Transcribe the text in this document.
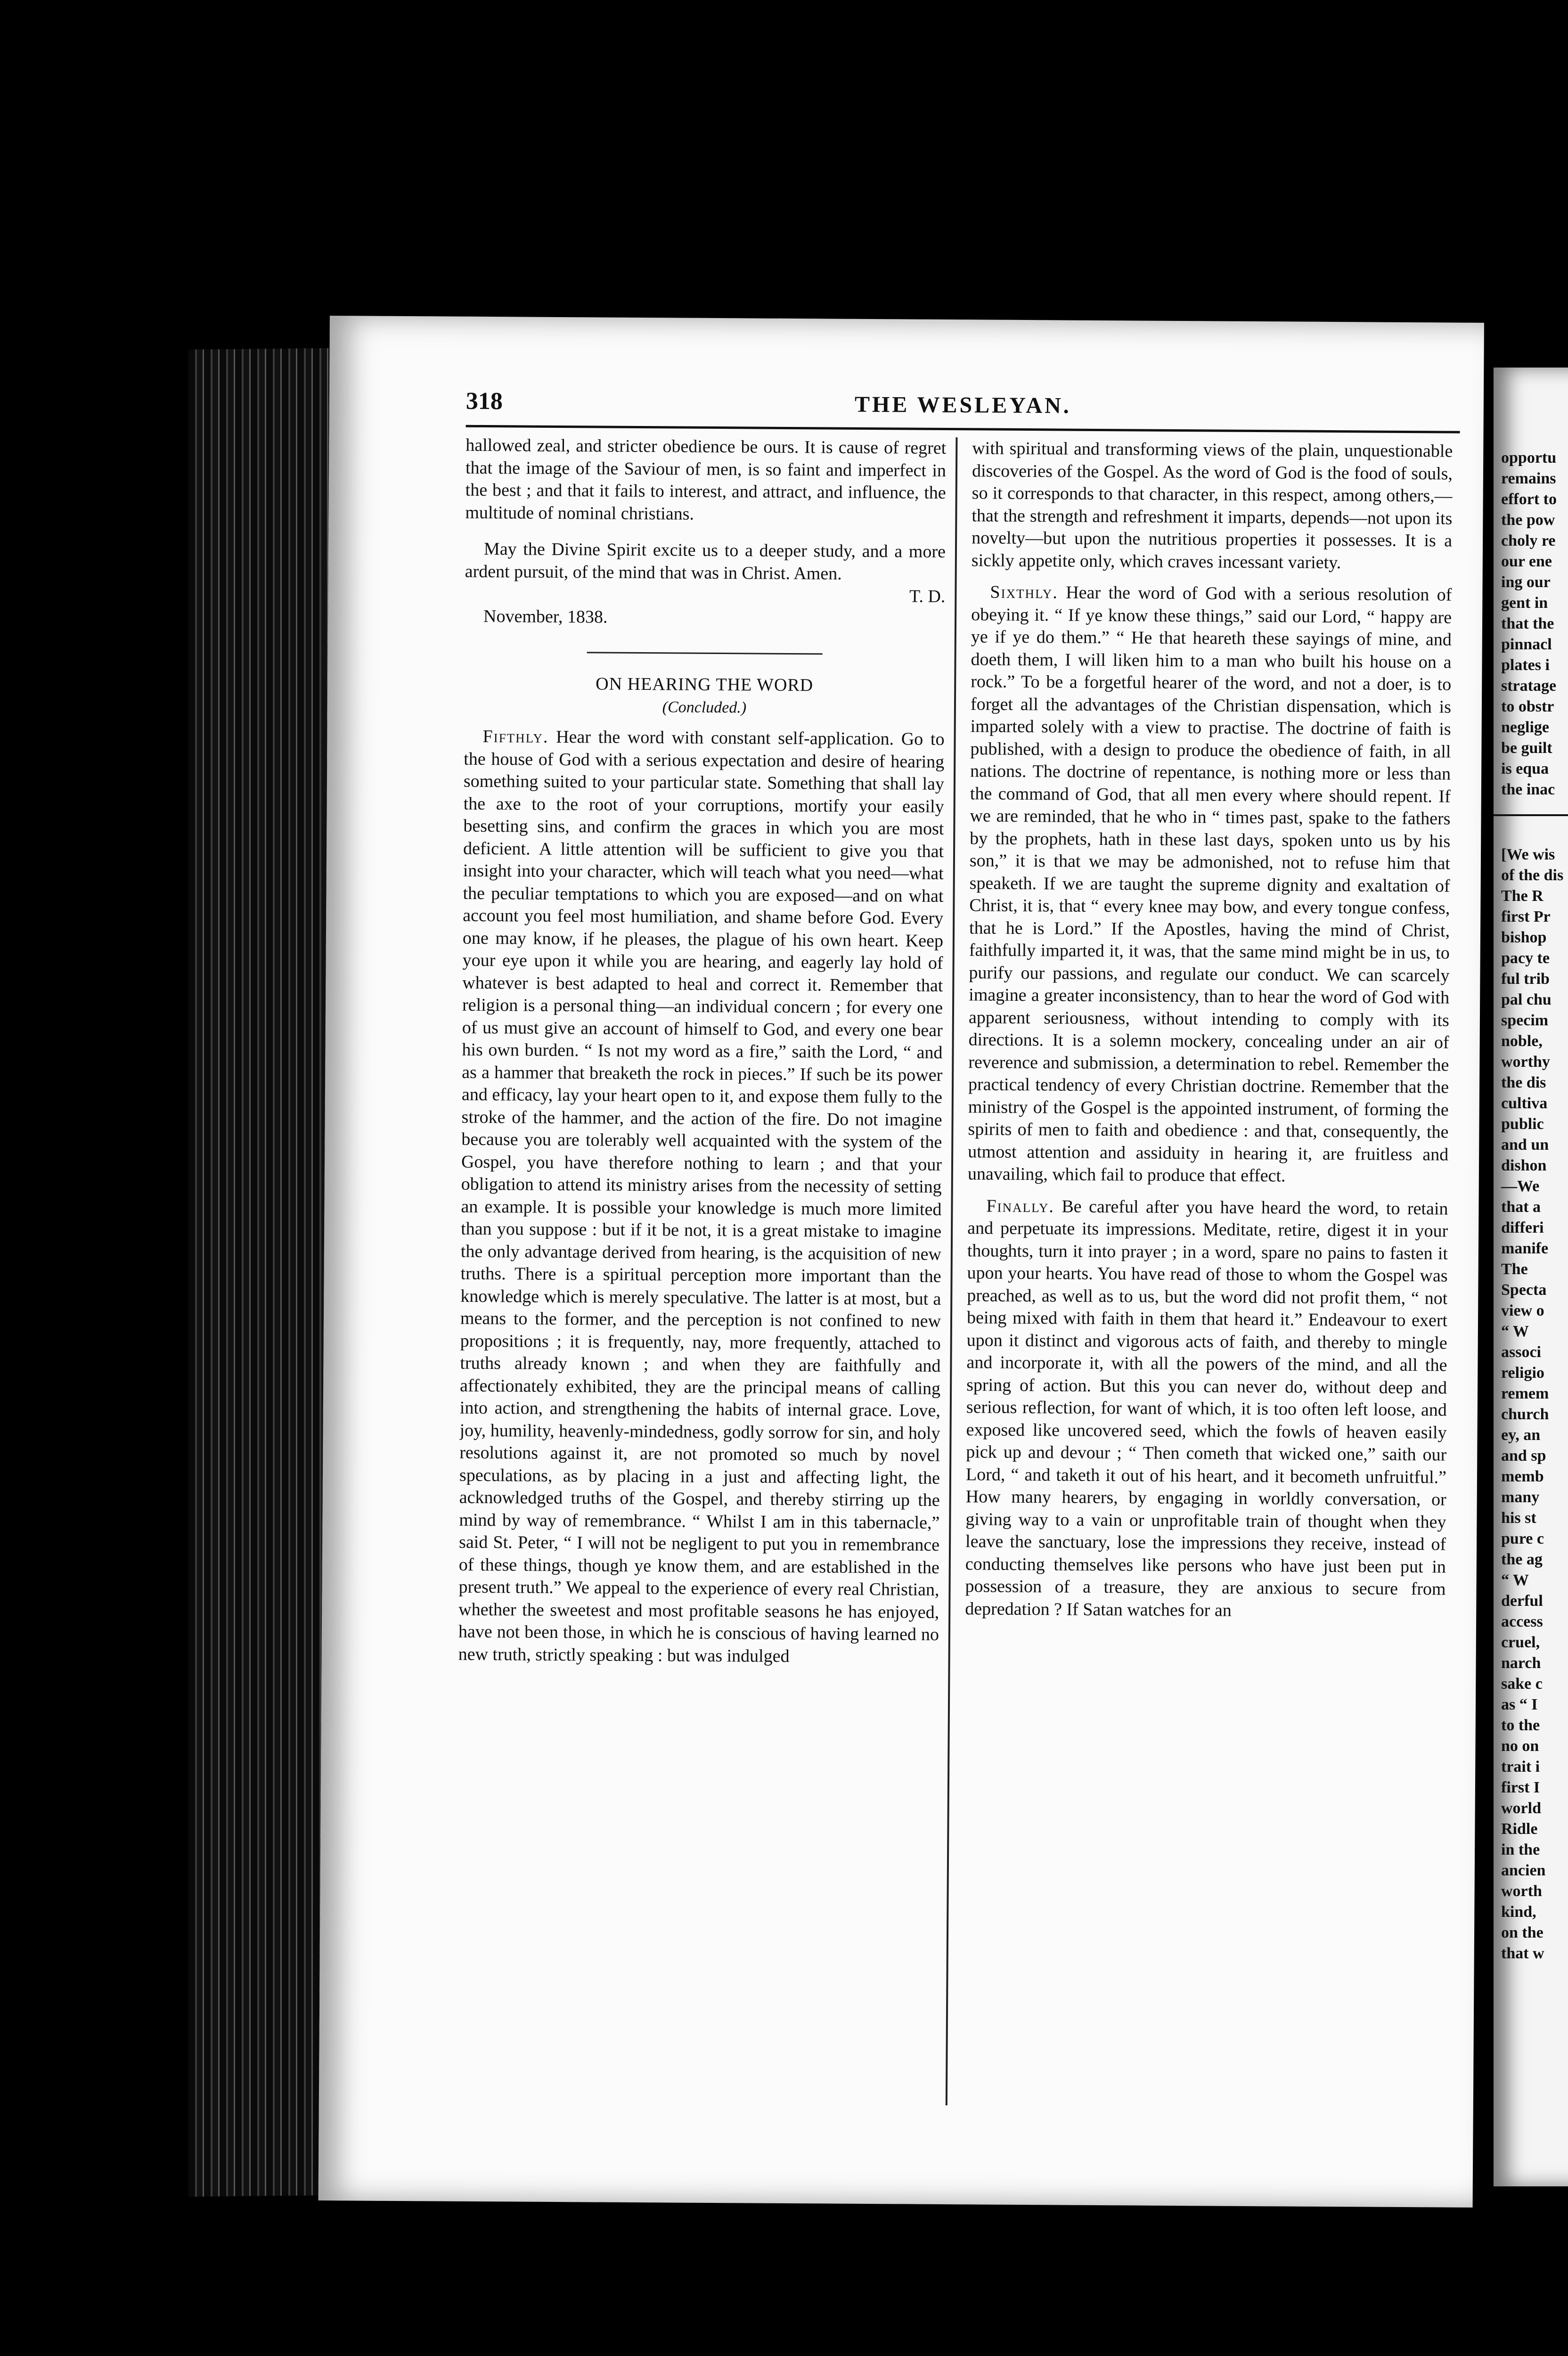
318	THE WESLEYAN.

hallowed zeal, and stricter obedience be ours. It is cause of regret that the image of the Saviour of men, is so faint and imperfect in the best ; and that it fails to interest, and attract, and influence, the multitude of nominal christians.

May the Divine Spirit excite us to a deeper study, and a more ardent pursuit, of the mind that was in Christ. Amen.

T. D.

November, 1838.

ON HEARING THE WORD
(Concluded.)

Fifthly. Hear the word with constant self-application. Go to the house of God with a serious expectation and desire of hearing something suited to your particular state. Something that shall lay the axe to the root of your corruptions, mortify your easily besetting sins, and confirm the graces in which you are most deficient. A little attention will be sufficient to give you that insight into your character, which will teach what you need—what the peculiar temptations to which you are exposed—and on what account you feel most humiliation, and shame before God. Every one may know, if he pleases, the plague of his own heart. Keep your eye upon it while you are hearing, and eagerly lay hold of whatever is best adapted to heal and correct it. Remember that religion is a personal thing—an individual concern ; for every one of us must give an account of himself to God, and every one bear his own burden. “ Is not my word as a fire,” saith the Lord, “ and as a hammer that breaketh the rock in pieces.” If such be its power and efficacy, lay your heart open to it, and expose them fully to the stroke of the hammer, and the action of the fire. Do not imagine because you are tolerably well acquainted with the system of the Gospel, you have therefore nothing to learn ; and that your obligation to attend its ministry arises from the necessity of setting an example. It is possible your knowledge is much more limited than you suppose : but if it be not, it is a great mistake to imagine the only advantage derived from hearing, is the acquisition of new truths. There is a spiritual perception more important than the knowledge which is merely speculative. The latter is at most, but a means to the former, and the perception is not confined to new propositions ; it is frequently, nay, more frequently, attached to truths already known ; and when they are faithfully and affectionately exhibited, they are the principal means of calling into action, and strengthening the habits of internal grace. Love, joy, humility, heavenly-mindedness, godly sorrow for sin, and holy resolutions against it, are not promoted so much by novel speculations, as by placing in a just and affecting light, the acknowledged truths of the Gospel, and thereby stirring up the mind by way of remembrance. “ Whilst I am in this tabernacle,” said St. Peter, “ I will not be negligent to put you in remembrance of these things, though ye know them, and are established in the present truth.” We appeal to the experience of every real Christian, whether the sweetest and most profitable seasons he has enjoyed, have not been those, in which he is conscious of having learned no new truth, strictly speaking : but was indulged

with spiritual and transforming views of the plain, unquestionable discoveries of the Gospel. As the word of God is the food of souls, so it corresponds to that character, in this respect, among others,—that the strength and refreshment it imparts, depends—not upon its novelty—but upon the nutritious properties it possesses. It is a sickly appetite only, which craves incessant variety.

Sixthly. Hear the word of God with a serious resolution of obeying it. “ If ye know these things,” said our Lord, “ happy are ye if ye do them.” “ He that heareth these sayings of mine, and doeth them, I will liken him to a man who built his house on a rock.” To be a forgetful hearer of the word, and not a doer, is to forget all the advantages of the Christian dispensation, which is imparted solely with a view to practise. The doctrine of faith is published, with a design to produce the obedience of faith, in all nations. The doctrine of repentance, is nothing more or less than the command of God, that all men every where should repent. If we are reminded, that he who in “ times past, spake to the fathers by the prophets, hath in these last days, spoken unto us by his son,” it is that we may be admonished, not to refuse him that speaketh. If we are taught the supreme dignity and exaltation of Christ, it is, that “ every knee may bow, and every tongue confess, that he is Lord.” If the Apostles, having the mind of Christ, faithfully imparted it, it was, that the same mind might be in us, to purify our passions, and regulate our conduct. We can scarcely imagine a greater inconsistency, than to hear the word of God with apparent seriousness, without intending to comply with its directions. It is a solemn mockery, concealing under an air of reverence and submission, a determination to rebel. Remember the practical tendency of every Christian doctrine. Remember that the ministry of the Gospel is the appointed instrument, of forming the spirits of men to faith and obedience : and that, consequently, the utmost attention and assiduity in hearing it, are fruitless and unavailing, which fail to produce that effect.

Finally. Be careful after you have heard the word, to retain and perpetuate its impressions. Meditate, retire, digest it in your thoughts, turn it into prayer ; in a word, spare no pains to fasten it upon your hearts. You have read of those to whom the Gospel was preached, as well as to us, but the word did not profit them, “ not being mixed with faith in them that heard it.” Endeavour to exert upon it distinct and vigorous acts of faith, and thereby to mingle and incorporate it, with all the powers of the mind, and all the spring of action. But this you can never do, without deep and serious reflection, for want of which, it is too often left loose, and exposed like uncovered seed, which the fowls of heaven easily pick up and devour ; “ Then cometh that wicked one,” saith our Lord, “ and taketh it out of his heart, and it becometh unfruitful.” How many hearers, by engaging in worldly conversation, or giving way to a vain or unprofitable train of thought when they leave the sanctuary, lose the impressions they receive, instead of conducting themselves like persons who have just been put in possession of a treasure, they are anxious to secure from depredation ? If Satan watches for an

opportu
remains
effort to
the pow
choly re
our ene
ing our
gent in
that the
pinnacl
plates i
stratage
to obstr
neglige
be guilt
is equa
the inac
[We wis
of the dis
The R
first Pr
bishop
pacy te
ful trib
pal chu
specim
noble,
worthy
the dis
cultiva
public
and un
dishon
—We
that a
differi
manife
The
Specta
view o
“ W
associ
religio
remem
church
ey, an
and sp
memb
many
his st
pure c
the ag
“ W
derful
access
cruel,
narch
sake c
as “ I
to the
no on
trait i
first I
world
Ridle
in the
ancien
worth
kind,
on the
that w
